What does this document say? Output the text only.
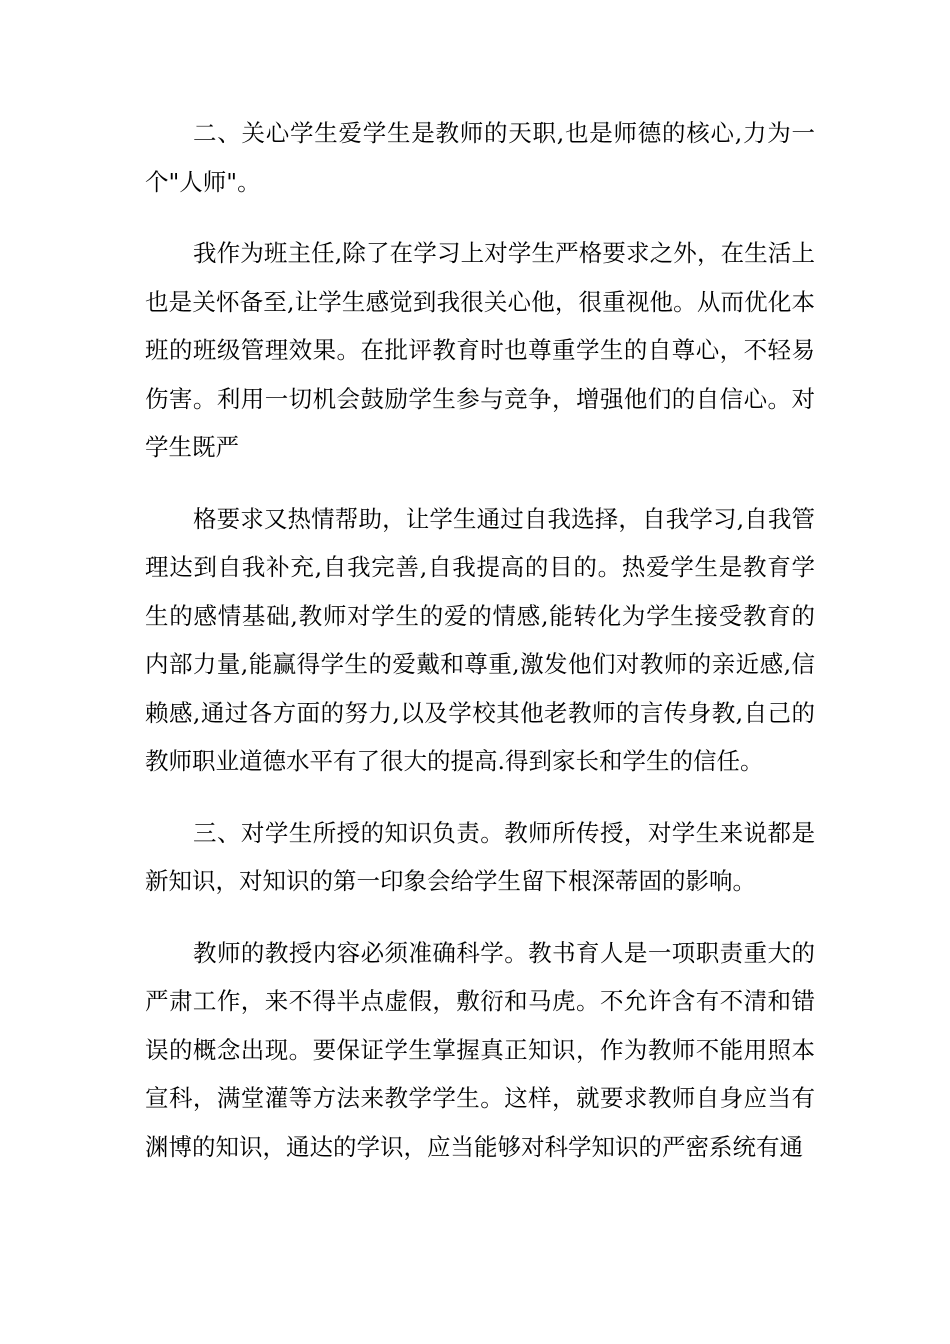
二、关心学生爱学生是教师的天职,也是师德的核心,力为一个"人师"。

我作为班主任,除了在学习上对学生严格要求之外，在生活上也是关怀备至,让学生感觉到我很关心他，很重视他。从而优化本班的班级管理效果。在批评教育时也尊重学生的自尊心，不轻易伤害。利用一切机会鼓励学生参与竞争，增强他们的自信心。对学生既严

格要求又热情帮助，让学生通过自我选择，自我学习,自我管理达到自我补充,自我完善,自我提高的目的。热爱学生是教育学生的感情基础,教师对学生的爱的情感,能转化为学生接受教育的内部力量,能赢得学生的爱戴和尊重,激发他们对教师的亲近感,信赖感,通过各方面的努力,以及学校其他老教师的言传身教,自己的教师职业道德水平有了很大的提高.得到家长和学生的信任。

三、对学生所授的知识负责。教师所传授，对学生来说都是新知识，对知识的第一印象会给学生留下根深蒂固的影响。

教师的教授内容必须准确科学。教书育人是一项职责重大的严肃工作，来不得半点虚假，敷衍和马虎。不允许含有不清和错误的概念出现。要保证学生掌握真正知识，作为教师不能用照本宣科，满堂灌等方法来教学学生。这样，就要求教师自身应当有渊博的知识，通达的学识，应当能够对科学知识的严密系统有通
